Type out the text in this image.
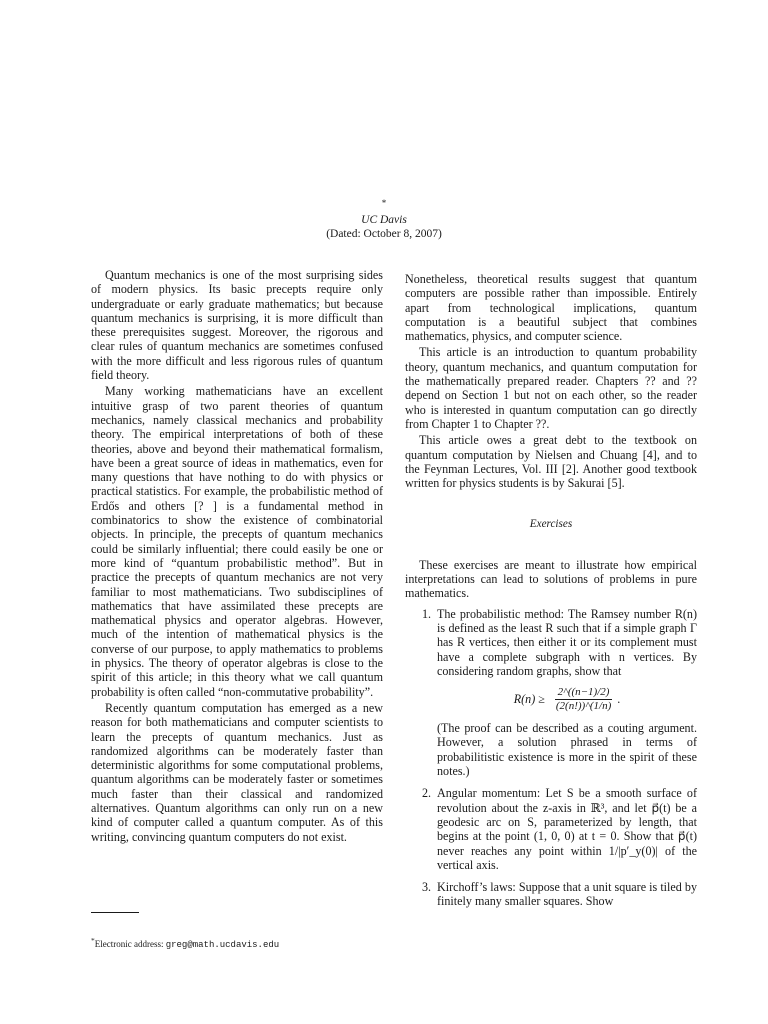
*
UC Davis
(Dated: October 8, 2007)

Quantum mechanics is one of the most surprising sides of modern physics. Its basic precepts require only undergraduate or early graduate mathematics; but because quantum mechanics is surprising, it is more difficult than these prerequisites suggest. Moreover, the rigorous and clear rules of quantum mechanics are sometimes confused with the more difficult and less rigorous rules of quantum field theory.

Many working mathematicians have an excellent intuitive grasp of two parent theories of quantum mechanics, namely classical mechanics and probability theory. The empirical interpretations of both of these theories, above and beyond their mathematical formalism, have been a great source of ideas in mathematics, even for many questions that have nothing to do with physics or practical statistics. For example, the probabilistic method of Erdős and others [? ] is a fundamental method in combinatorics to show the existence of combinatorial objects. In principle, the precepts of quantum mechanics could be similarly influential; there could easily be one or more kind of “quantum probabilistic method”. But in practice the precepts of quantum mechanics are not very familiar to most mathematicians. Two subdisciplines of mathematics that have assimilated these precepts are mathematical physics and operator algebras. However, much of the intention of mathematical physics is the converse of our purpose, to apply mathematics to problems in physics. The theory of operator algebras is close to the spirit of this article; in this theory what we call quantum probability is often called “non-commutative probability”.

Recently quantum computation has emerged as a new reason for both mathematicians and computer scientists to learn the precepts of quantum mechanics. Just as randomized algorithms can be moderately faster than deterministic algorithms for some computational problems, quantum algorithms can be moderately faster or sometimes much faster than their classical and randomized alternatives. Quantum algorithms can only run on a new kind of computer called a quantum computer. As of this writing, convincing quantum computers do not exist.

Nonetheless, theoretical results suggest that quantum computers are possible rather than impossible. Entirely apart from technological implications, quantum computation is a beautiful subject that combines mathematics, physics, and computer science.

This article is an introduction to quantum probability theory, quantum mechanics, and quantum computation for the mathematically prepared reader. Chapters ?? and ?? depend on Section 1 but not on each other, so the reader who is interested in quantum computation can go directly from Chapter 1 to Chapter ??.

This article owes a great debt to the textbook on quantum computation by Nielsen and Chuang [4], and to the Feynman Lectures, Vol. III [2]. Another good textbook written for physics students is by Sakurai [5].

Exercises

These exercises are meant to illustrate how empirical interpretations can lead to solutions of problems in pure mathematics.

1. The probabilistic method: The Ramsey number R(n) is defined as the least R such that if a simple graph Γ has R vertices, then either it or its complement must have a complete subgraph with n vertices. By considering random graphs, show that
$R(n) \ge \frac{2\^{}((n-1)/2)}{(2(n!))\^{}(1/n)}$ .
(The proof can be described as a couting argument. However, a solution phrased in terms of probabilitistic existence is more in the spirit of these notes.)
2. Angular momentum: Let S be a smooth surface of revolution about the z-axis in ℝ³, and let p⃗(t) be a geodesic arc on S, parameterized by length, that begins at the point (1, 0, 0) at t = 0. Show that p⃗(t) never reaches any point within 1/|p′_y(0)| of the vertical axis.
3. Kirchoff’s laws: Suppose that a unit square is tiled by finitely many smaller squares. Show
*Electronic address: greg@math.ucdavis.edu
